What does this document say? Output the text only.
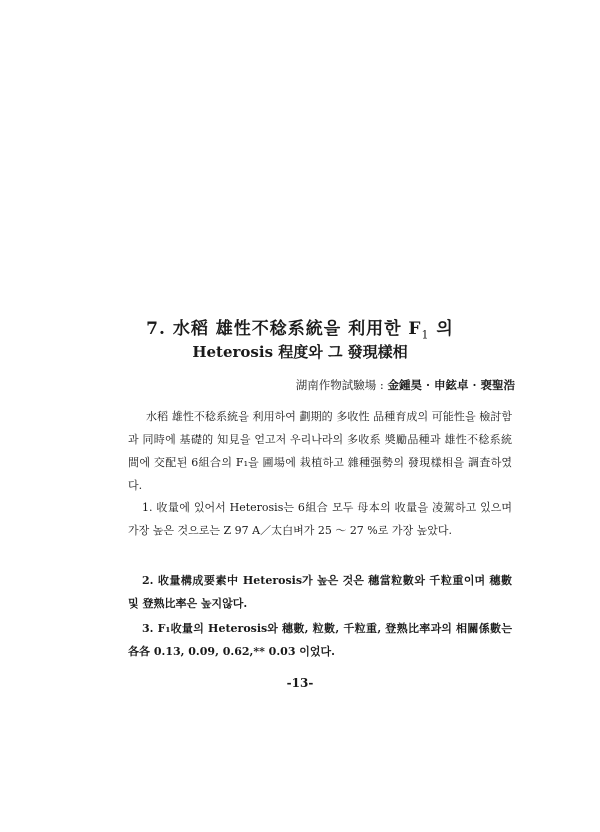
7. 水稻 雄性不稔系統을 利用한 $F_1$ 의
Heterosis 程度와 그 發現樣相
湖南作物試驗場 : 金鍾昊 · 申鉉卓 · 裵聖浩

水稻 雄性不稔系統을 利用하여 劃期的 多收性 品種育成의 可能性을 檢討함과 同時에 基礎的 知見을 얻고저 우리나라의 多收系 奬勵品種과 雄性不稔系統間에 交配된 6組合의 F₁을 圃場에 栽植하고 雜種强勢의 發現樣相을 調査하였다.

1. 收量에 있어서 Heterosis는 6組合 모두 母本의 收量을 凌駕하고 있으며 가장 높은 것으로는 Z 97 A／太白벼가 25 ～ 27 %로 가장 높았다.

2. 收量構成要素中 Heterosis가 높은 것은 穗當粒數와 千粒重이며 穗數 및 登熟比率은 높지않다.

3. F₁收量의 Heterosis와 穗數, 粒數, 千粒重, 登熟比率과의 相關係數는 各各 0.13, 0.09, 0.62,** 0.03 이었다.

-13-
